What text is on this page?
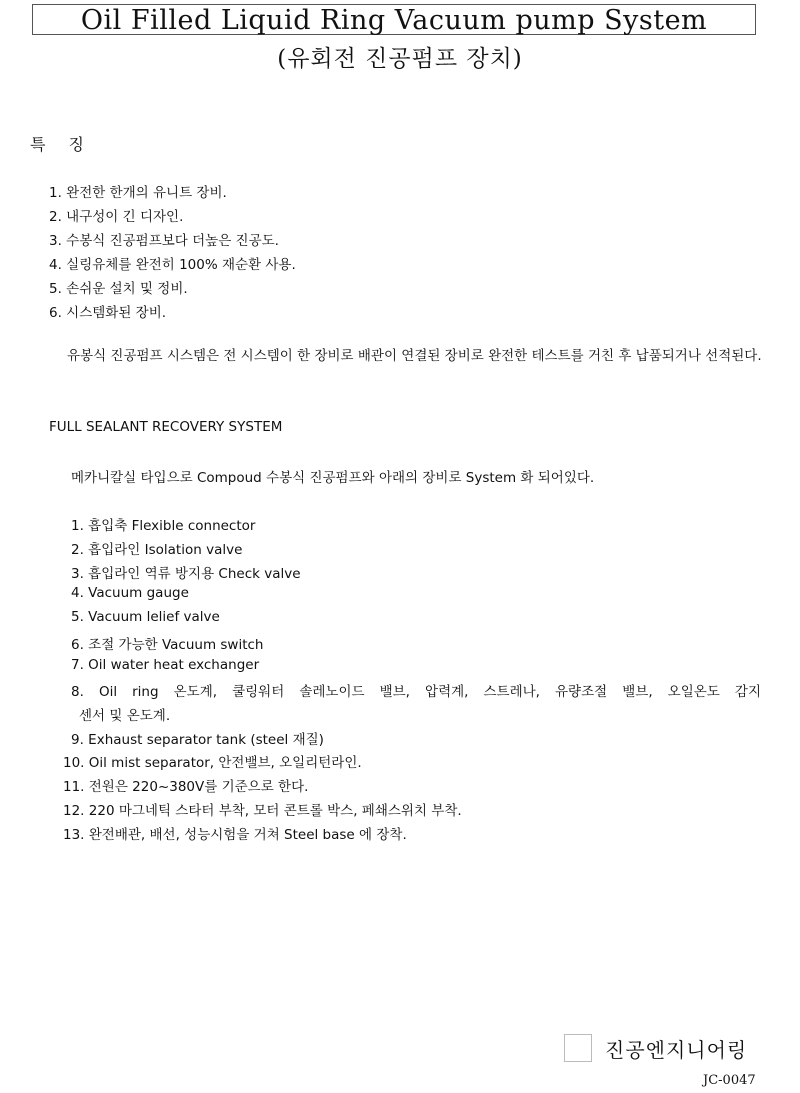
Oil Filled Liquid Ring Vacuum pump System
(유회전 진공펌프 장치)
특 징
1. 완전한 한개의 유니트 장비.
2. 내구성이 긴 디자인.
3. 수봉식 진공펌프보다 더높은 진공도.
4. 실링유체를 완전히 100% 재순환 사용.
5. 손쉬운 설치 및 정비.
6. 시스템화된 장비.
유봉식 진공펌프 시스템은 전 시스템이 한 장비로 배관이 연결된 장비로 완전한 테스트를 거친 후 납품되거나 선적된다.
FULL SEALANT RECOVERY SYSTEM
메카니칼실 타입으로 Compoud 수봉식 진공펌프와 아래의 장비로 System 화 되어있다.
1. 흡입축 Flexible connector
2. 흡입라인 Isolation valve
3. 흡입라인 역류 방지용 Check valve
4. Vacuum gauge
5. Vacuum lelief valve
6. 조절 가능한 Vacuum switch
7. Oil water heat exchanger
8. Oil ring 온도계, 쿨링워터 솔레노이드 밸브, 압력계, 스트레나, 유량조절 밸브, 오일온도 감지
센서 및 온도계.
9. Exhaust separator tank (steel 재질)
10. Oil mist separator, 안전밸브, 오일리턴라인.
11. 전원은 220~380V를 기준으로 한다.
12. 220 마그네틱 스타터 부착, 모터 콘트롤 박스, 페쇄스위치 부착.
13. 완전배관, 배선, 성능시험을 거쳐 Steel base 에 장착.
진공엔지니어링
JC-0047
